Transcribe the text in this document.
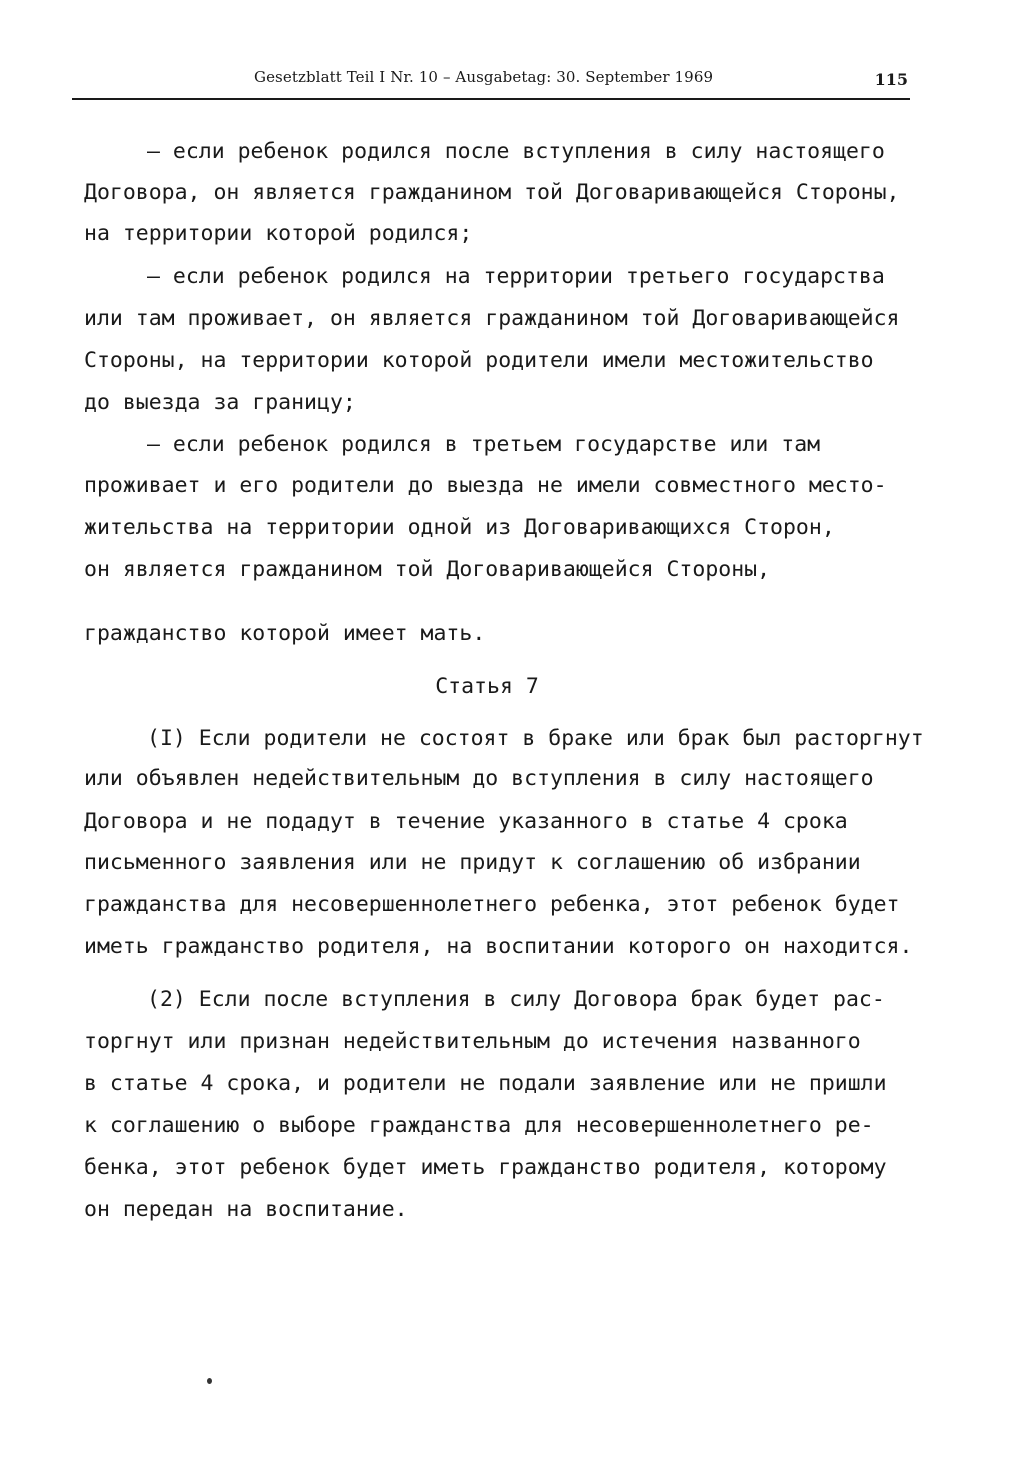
Gesetzblatt Teil I Nr. 10 – Ausgabetag: 30. September 1969	115
– если ребенок родился после вступления в силу настоящего
Договора, он является гражданином той Договаривающейся Стороны,
на территории которой родился;
– если ребенок родился на территории третьего государства
или там проживает, он является гражданином той Договаривающейся
Стороны, на территории которой родители имели местожительство
до выезда за границу;
– если ребенок родился в третьем государстве или там
проживает и его родители до выезда не имели совместного место-
жительства на территории одной из Договаривающихся Сторон,
он является гражданином той Договаривающейся Стороны,
гражданство которой имеет мать.
Статья 7
(I) Если родители не состоят в браке или брак был расторгнут
или объявлен недействительным до вступления в силу настоящего
Договора и не подадут в течение указанного в статье 4 срока
письменного заявления или не придут к соглашению об избрании
гражданства для несовершеннолетнего ребенка, этот ребенок будет
иметь гражданство родителя, на воспитании которого он находится.
(2) Если после вступления в силу Договора брак будет рас-
торгнут или признан недействительным до истечения названного
в статье 4 срока, и родители не подали заявление или не пришли
к соглашению о выборе гражданства для несовершеннолетнего ре-
бенка, этот ребенок будет иметь гражданство родителя, которому
он передан на воспитание.
